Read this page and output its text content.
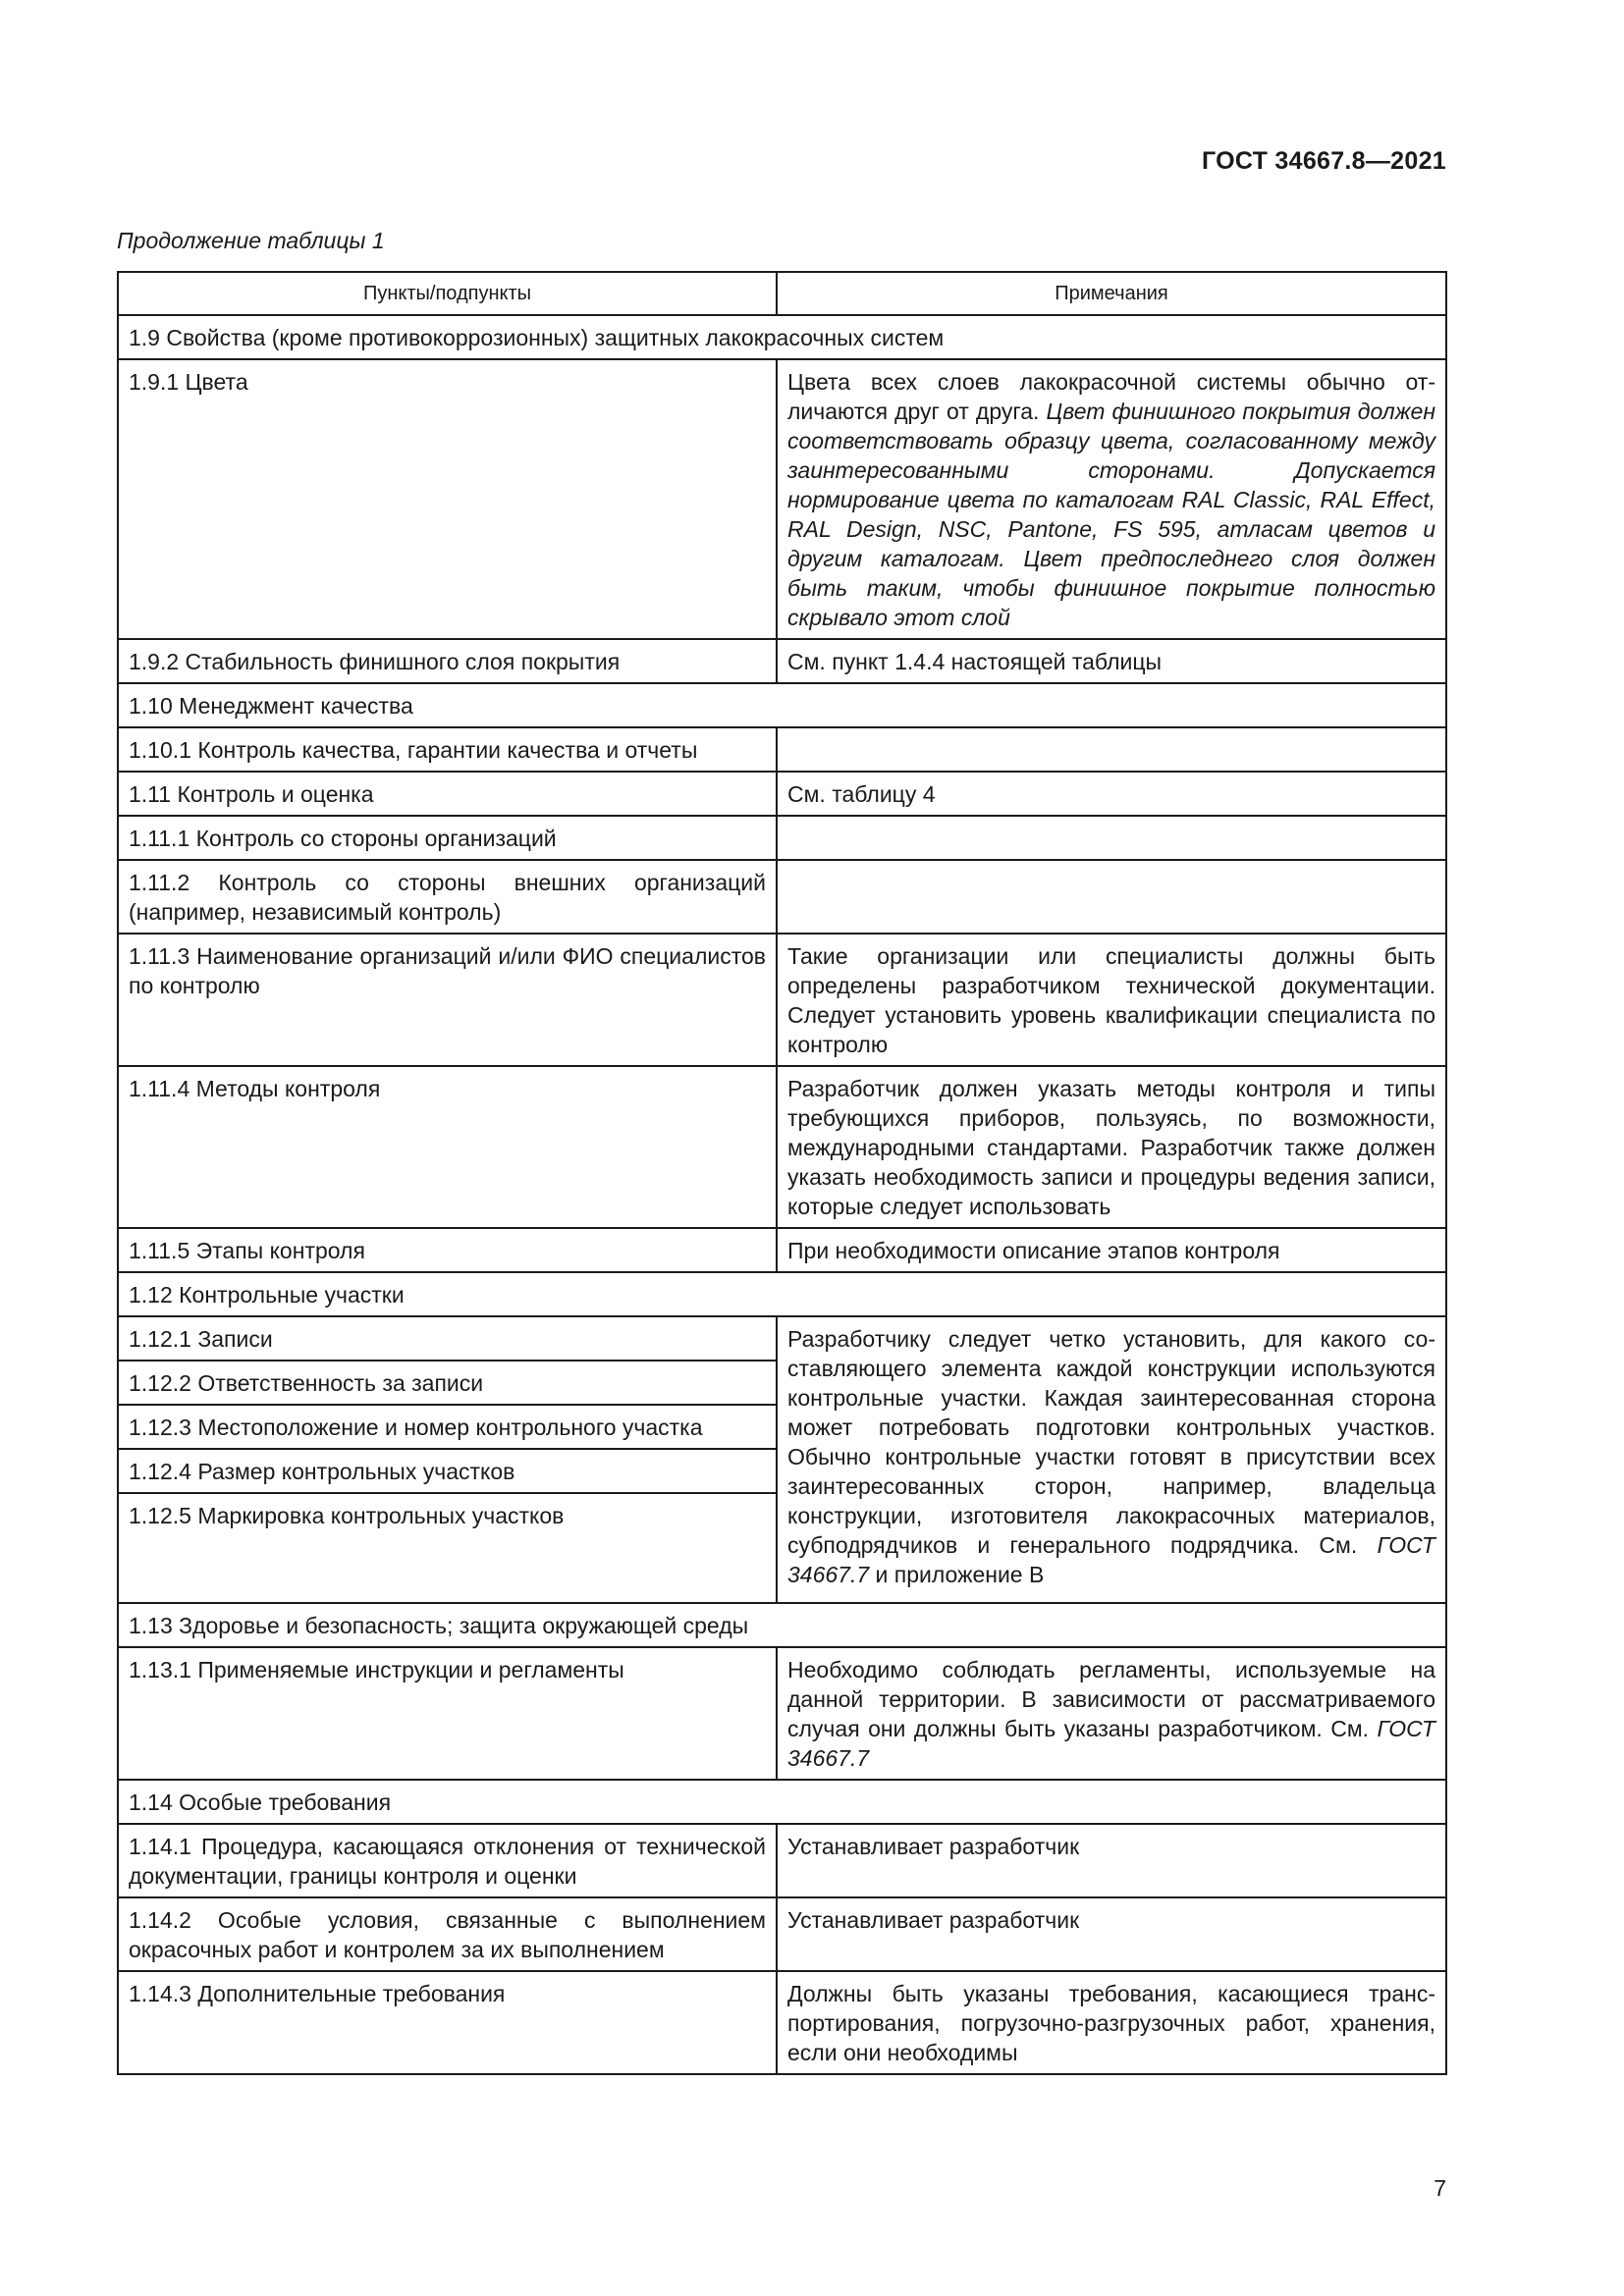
ГОСТ 34667.8—2021
Продолжение таблицы 1
Пункты/подпункты	Примечания
1.9 Свойства (кроме противокоррозионных) защитных лакокрасочных систем	
1.9.1 Цвета	Цвета всех слоев лакокрасочной системы обычно отличаются друг от друга. Цвет финишного покрытия должен соответствовать образцу цвета, согласованному между заинтересованными сторонами. Допускается нормирование цвета по каталогам RAL Classic, RAL Effect, RAL Design, NSC, Pantone, FS 595, атласам цветов и другим каталогам. Цвет предпоследнего слоя должен быть таким, чтобы финишное покрытие полностью скрывало этот слой
1.9.2 Стабильность финишного слоя покрытия	См. пункт 1.4.4 настоящей таблицы
1.10 Менеджмент качества	
1.10.1 Контроль качества, гарантии качества и отчеты	
1.11 Контроль и оценка	См. таблицу 4
1.11.1 Контроль со стороны организаций	
1.11.2 Контроль со стороны внешних организаций (например, независимый контроль)	
1.11.3 Наименование организаций и/или ФИО специалистов по контролю	Такие организации или специалисты должны быть определены разработчиком технической документации. Следует установить уровень квалификации специалиста по контролю
1.11.4 Методы контроля	Разработчик должен указать методы контроля и типы требующихся приборов, пользуясь, по возможности, международными стандартами. Разработчик также должен указать необходимость записи и процедуры ведения записи, которые следует использовать
1.11.5 Этапы контроля	При необходимости описание этапов контроля
1.12 Контрольные участки	
1.12.1 Записи	Разработчику следует четко установить, для какого составляющего элемента каждой конструкции используются контрольные участки. Каждая заинтересованная сторона может потребовать подготовки контрольных участков. Обычно контрольные участки готовят в присутствии всех заинтересованных сторон, например, владельца конструкции, изготовителя лакокрасочных материалов, субподрядчиков и генерального подрядчика. См. ГОСТ 34667.7 и приложение В
1.12.2 Ответственность за записи	
1.12.3 Местоположение и номер контрольного участка	
1.12.4 Размер контрольных участков	
1.12.5 Маркировка контрольных участков	
1.13 Здоровье и безопасность; защита окружающей среды	
1.13.1 Применяемые инструкции и регламенты	Необходимо соблюдать регламенты, используемые на данной территории. В зависимости от рассматриваемого случая они должны быть указаны разработчиком. См. ГОСТ 34667.7
1.14 Особые требования	
1.14.1 Процедура, касающаяся отклонения от технической документации, границы контроля и оценки	Устанавливает разработчик
1.14.2 Особые условия, связанные с выполнением окрасочных работ и контролем за их выполнением	Устанавливает разработчик
1.14.3 Дополнительные требования	Должны быть указаны требования, касающиеся транспортирования, погрузочно-разгрузочных работ, хранения, если они необходимы
7
